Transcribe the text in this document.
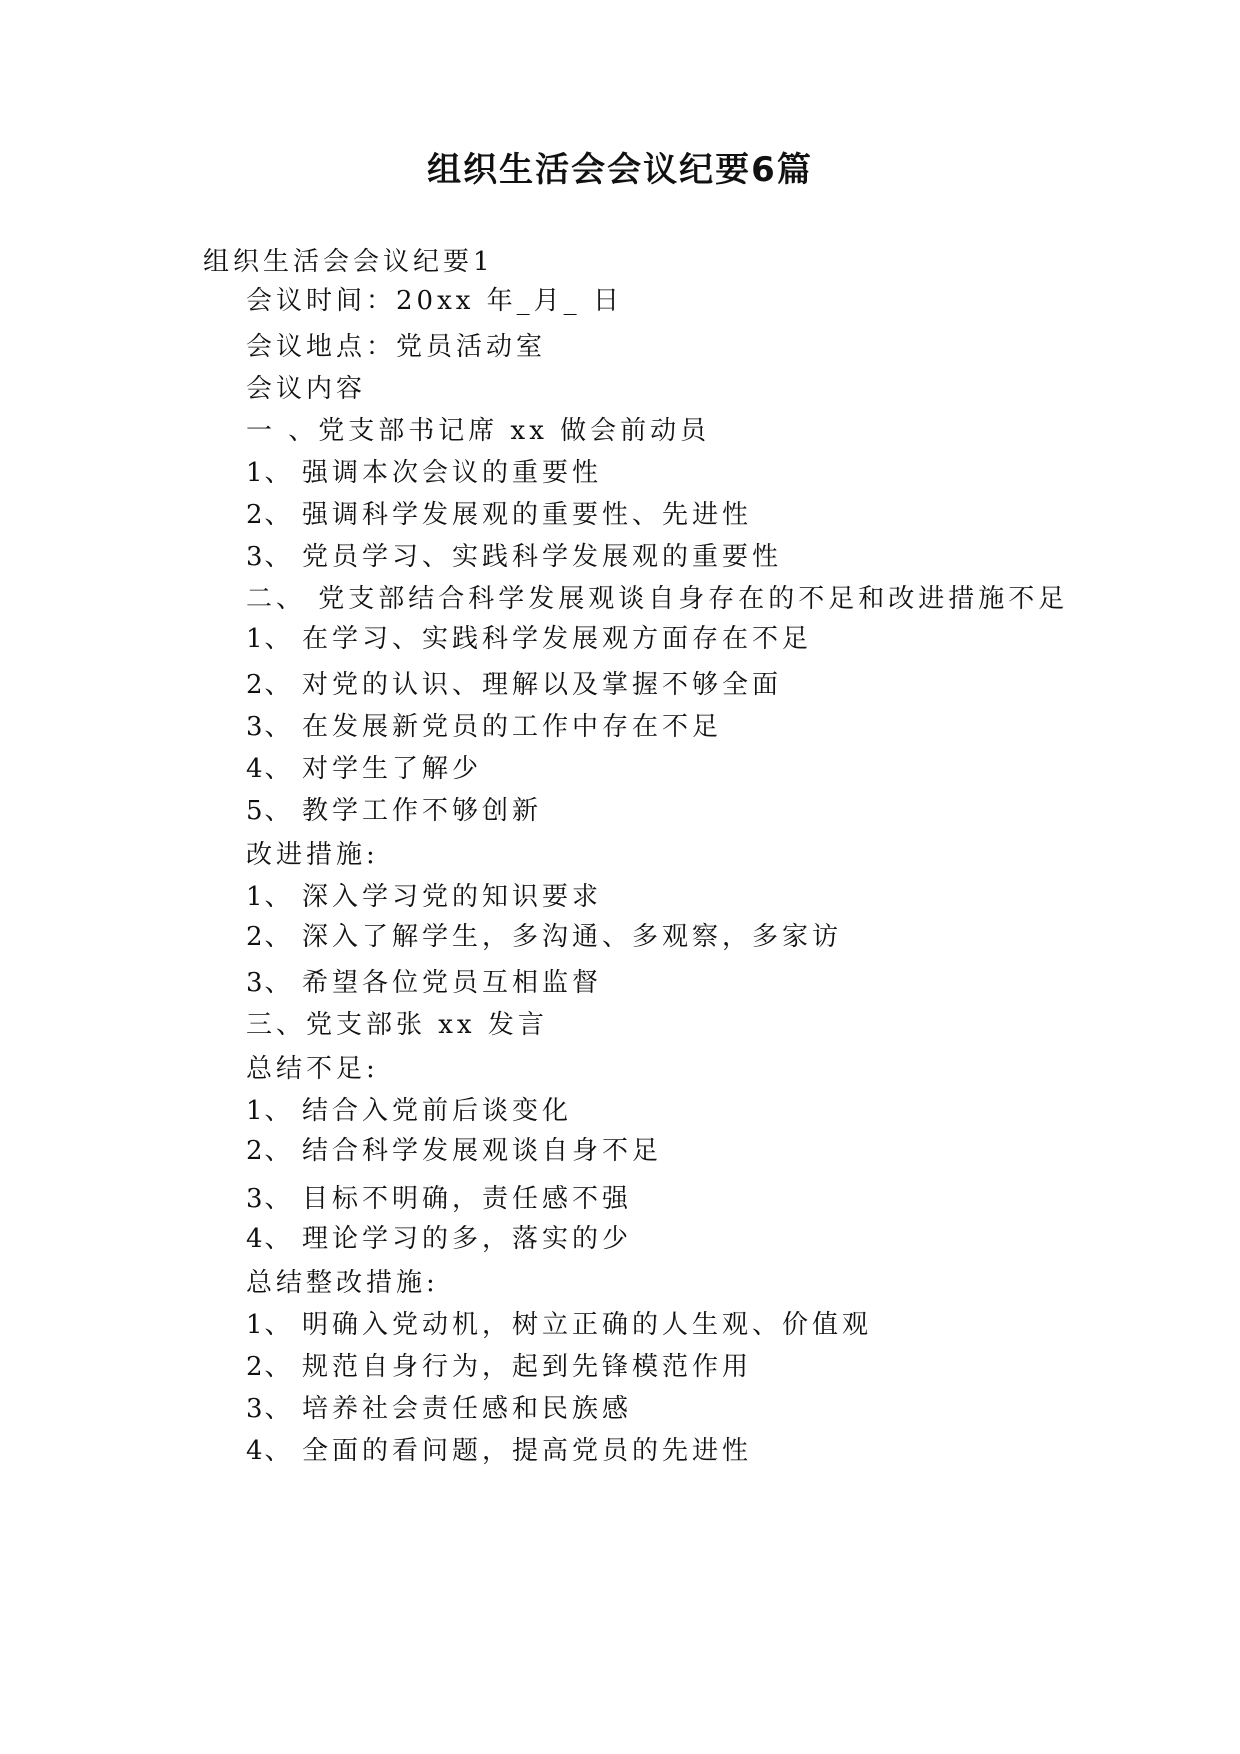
组织生活会会议纪要6篇
组织生活会会议纪要1
会议时间：20xx 年_月_ 日
会议地点：党员活动室
会议内容
一 、党支部书记席 xx 做会前动员
1、 强调本次会议的重要性
2、 强调科学发展观的重要性、先进性
3、 党员学习、实践科学发展观的重要性
二、 党支部结合科学发展观谈自身存在的不足和改进措施不足
1、 在学习、实践科学发展观方面存在不足
2、 对党的认识、理解以及掌握不够全面
3、 在发展新党员的工作中存在不足
4、 对学生了解少
5、 教学工作不够创新
改进措施:
1、 深入学习党的知识要求
2、 深入了解学生，多沟通、多观察，多家访
3、 希望各位党员互相监督
三、党支部张 xx 发言
总结不足:
1、 结合入党前后谈变化
2、 结合科学发展观谈自身不足
3、 目标不明确，责任感不强
4、 理论学习的多，落实的少
总结整改措施:
1、 明确入党动机，树立正确的人生观、价值观
2、 规范自身行为，起到先锋模范作用
3、 培养社会责任感和民族感
4、 全面的看问题，提高党员的先进性
